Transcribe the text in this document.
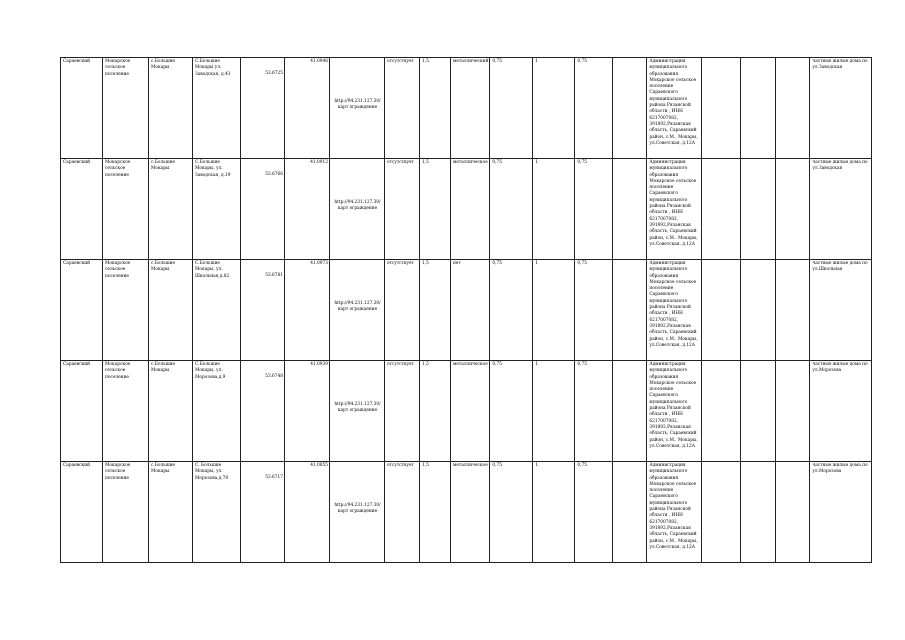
Сараевский	Мокарское сельское поселение	с.Большие Мокары	С.Большие Мокары ул. Заводская, д.43	53.6725	41.0946	http://94.231.127.30/карт ограждение	отсутствует	1,5	металлический	0,75	1	0,75		Администрация муниципального образования Мокарское сельское поселение Сараевского муниципального района Рязанской области , ИНН 6217007082, 391892,Рязанская область, Сараевский район, с.М.. Мокары, ул.Советская, д.12А				частные жилые дома по ул.Заводская
Сараевский	Мокарское сельское поселение	с.Большие Мокары	С.Большие Мокары, ул. Заводская, д.19	53.6766	41.0912	http://94.231.127.30/карт ограждение	отсутствует	1,5	металлическое	0,75	1	0,75		Администрация муниципального образования Мокарское сельское поселение Сараевского муниципального района Рязанской области , ИНН 6217007082, 391892,Рязанская область, Сараевский район, с.М.. Мокары, ул.Советская, д.12А				частные жилые дома по ул.Заводская
Сараевский	Мокарское сельское поселение	с.Большие Мокары	С.Большие Мокары, ул. Школьная,д.82	53.6781	41.0973	http://94.231.127.30/карт ограждение	отсутствует	1,5	нет	0,75	1	0,75		Администрация муниципального образования Мокарское сельское поселение Сараевского муниципального района Рязанской области , ИНН 6217007082, 391892,Рязанская область, Сараевский район, с.М.. Мокары, ул.Советская, д.12А				частные жилые дома по ул.Школьная
Сараевский	Мокарское сельское поселение	с.Большие Мокары	С.Большие Мокары, ул. Морозова,д.9	53.6748	41.0939	http://94.231.127.30/карт ограждение	отсутствует	1,5	металлическое	0,75	1	0,75		Администрация муниципального образования Мокарское сельское поселение Сараевского муниципального района Рязанской области , ИНН 6217007082, 391892,Рязанская область, Сараевский район, с.М.. Мокары, ул.Советская, д.12А				частные жилые дома по ул.Морозова
Сараевский	Мокарское сельское поселение	с.Большие Мокары	С. Большие Мокары, ул. Морозова,д.78	53.6717	41.0855	http://94.231.127.30/карт ограждение	отсутствует	1,5	металлическое	0,75	1	0,75		Администрация муниципального образования Мокарское сельское поселение Сараевского муниципального района Рязанской области , ИНН 6217007082, 391892,Рязанская область, Сараевский район, с.М.. Мокары, ул.Советская, д.12А				частные жилые дома по ул.Морозова
